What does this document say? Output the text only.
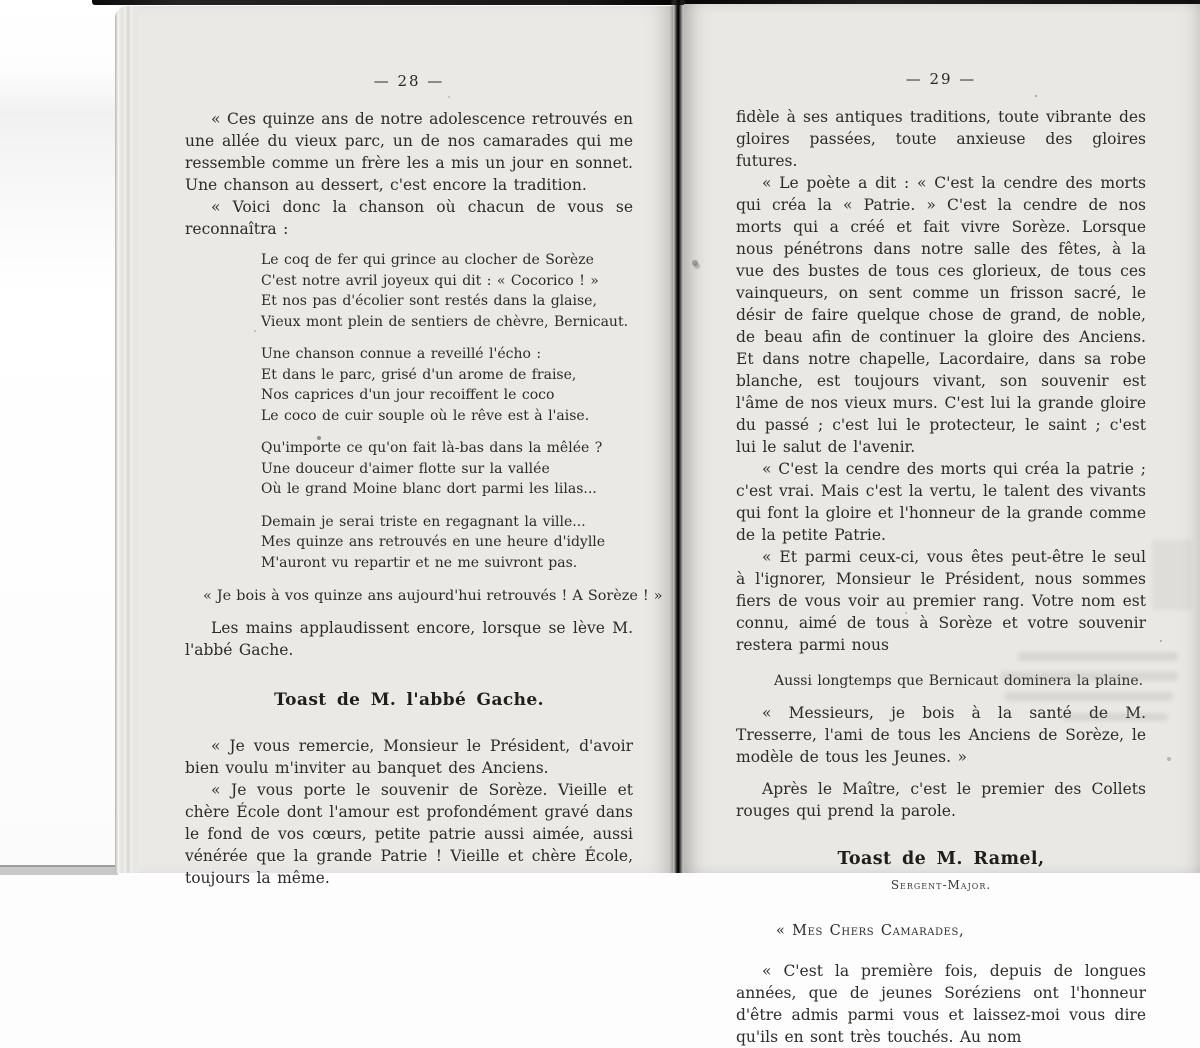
— 28 —

« Ces quinze ans de notre adolescence retrouvés en une allée du vieux parc, un de nos camarades qui me ressemble comme un frère les a mis un jour en sonnet. Une chanson au dessert, c'est encore la tradition.

« Voici donc la chanson où chacun de vous se reconnaîtra :

Le coq de fer qui grince au clocher de Sorèze
C'est notre avril joyeux qui dit : « Cocorico ! »
Et nos pas d'écolier sont restés dans la glaise,
Vieux mont plein de sentiers de chèvre, Bernicaut.
Une chanson connue a reveillé l'écho :
Et dans le parc, grisé d'un arome de fraise,
Nos caprices d'un jour recoiffent le coco
Le coco de cuir souple où le rêve est à l'aise.
Qu'importe ce qu'on fait là-bas dans la mêlée ?
Une douceur d'aimer flotte sur la vallée
Où le grand Moine blanc dort parmi les lilas...
Demain je serai triste en regagnant la ville...
Mes quinze ans retrouvés en une heure d'idylle
M'auront vu repartir et ne me suivront pas.

« Je bois à vos quinze ans aujourd'hui retrouvés ! A Sorèze ! »

Les mains applaudissent encore, lorsque se lève M. l'abbé Gache.

Toast de M. l'abbé Gache.

« Je vous remercie, Monsieur le Président, d'avoir bien voulu m'inviter au banquet des Anciens.

« Je vous porte le souvenir de Sorèze. Vieille et chère École dont l'amour est profondément gravé dans le fond de vos cœurs, petite patrie aussi aimée, aussi vénérée que la grande Patrie ! Vieille et chère École, toujours la même.

— 29 —

fidèle à ses antiques traditions, toute vibrante des gloires passées, toute anxieuse des gloires futures.

« Le poète a dit : « C'est la cendre des morts qui créa la « Patrie. » C'est la cendre de nos morts qui a créé et fait vivre Sorèze. Lorsque nous pénétrons dans notre salle des fêtes, à la vue des bustes de tous ces glorieux, de tous ces vainqueurs, on sent comme un frisson sacré, le désir de faire quelque chose de grand, de noble, de beau afin de continuer la gloire des Anciens. Et dans notre chapelle, Lacordaire, dans sa robe blanche, est toujours vivant, son souvenir est l'âme de nos vieux murs. C'est lui la grande gloire du passé ; c'est lui le protecteur, le saint ; c'est lui le salut de l'avenir.

« C'est la cendre des morts qui créa la patrie ; c'est vrai. Mais c'est la vertu, le talent des vivants qui font la gloire et l'honneur de la grande comme de la petite Patrie.

« Et parmi ceux-ci, vous êtes peut-être le seul à l'ignorer, Monsieur le Président, nous sommes fiers de vous voir au premier rang. Votre nom est connu, aimé de tous à Sorèze et votre souvenir restera parmi nous

Aussi longtemps que Bernicaut dominera la plaine.

« Messieurs, je bois à la santé de M. Tresserre, l'ami de tous les Anciens de Sorèze, le modèle de tous les Jeunes. »

Après le Maître, c'est le premier des Collets rouges qui prend la parole.

Toast de M. Ramel,
Sergent-Major.

« Mes Chers Camarades,

« C'est la première fois, depuis de longues années, que de jeunes Soréziens ont l'honneur d'être admis parmi vous et laissez-moi vous dire qu'ils en sont très touchés. Au nom
